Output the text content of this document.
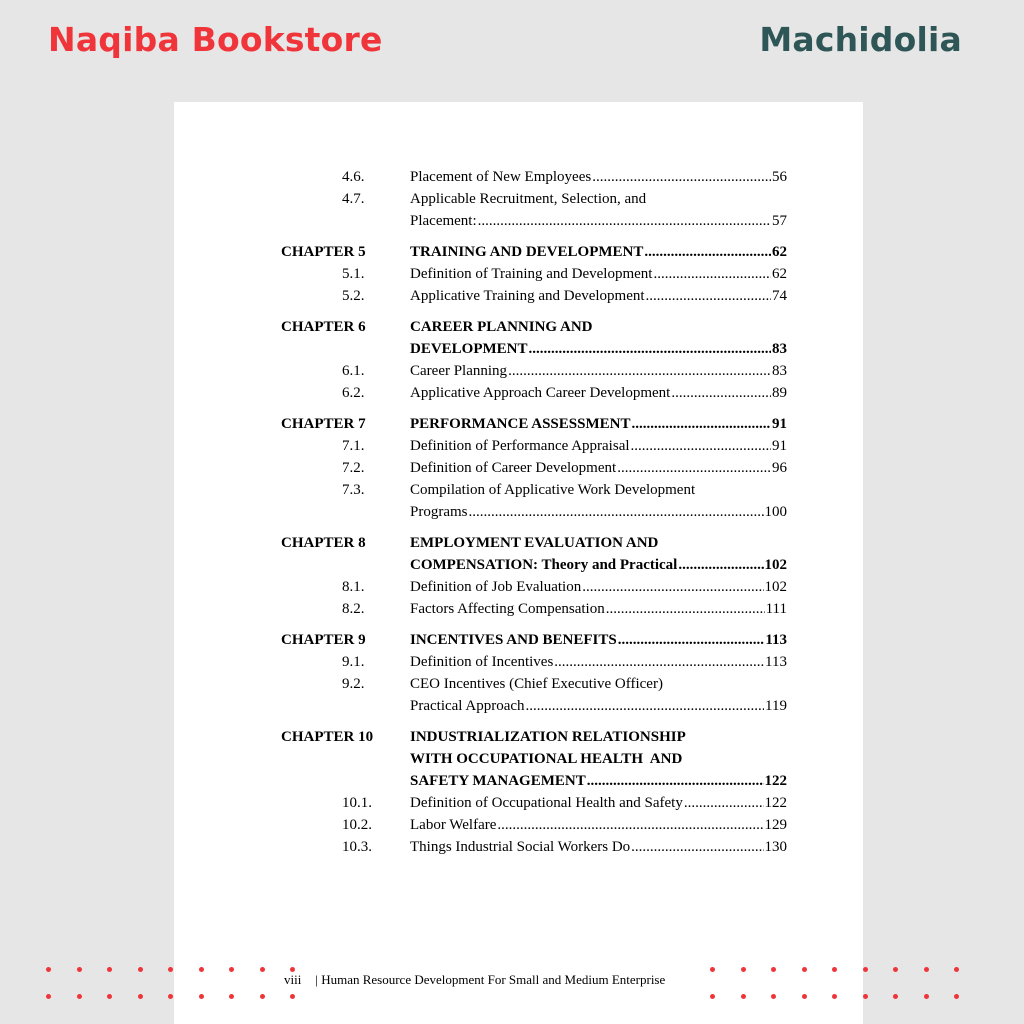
Naqiba Bookstore	Machidolia
4.6.	Placement of New Employees .....	56
4.7.	Applicable Recruitment, Selection, and
Placement: .....	57
CHAPTER 5	TRAINING AND DEVELOPMENT .....	62
5.1.	Definition of Training and Development .....	62
5.2.	Applicative Training and Development .....	74
CHAPTER 6	CAREER PLANNING AND
DEVELOPMENT .....	83
6.1.	Career Planning .....	83
6.2.	Applicative Approach Career Development .....	89
CHAPTER 7	PERFORMANCE ASSESSMENT .....	91
7.1.	Definition of Performance Appraisal .....	91
7.2.	Definition of Career Development .....	96
7.3.	Compilation of Applicative Work Development
Programs .....	100
CHAPTER 8	EMPLOYMENT EVALUATION AND
COMPENSATION: Theory and Practical .....	102
8.1.	Definition of Job Evaluation .....	102
8.2.	Factors Affecting Compensation .....	111
CHAPTER 9	INCENTIVES AND BENEFITS .....	113
9.1.	Definition of Incentives .....	113
9.2.	CEO Incentives (Chief Executive Officer)
Practical Approach .....	119
CHAPTER 10	INDUSTRIALIZATION RELATIONSHIP
WITH OCCUPATIONAL HEALTH  AND
SAFETY MANAGEMENT .....	122
10.1.	Definition of Occupational Health and Safety .....	122
10.2.	Labor Welfare .....	129
10.3.	Things Industrial Social Workers Do .....	130
viii | Human Resource Development For Small and Medium Enterprise
